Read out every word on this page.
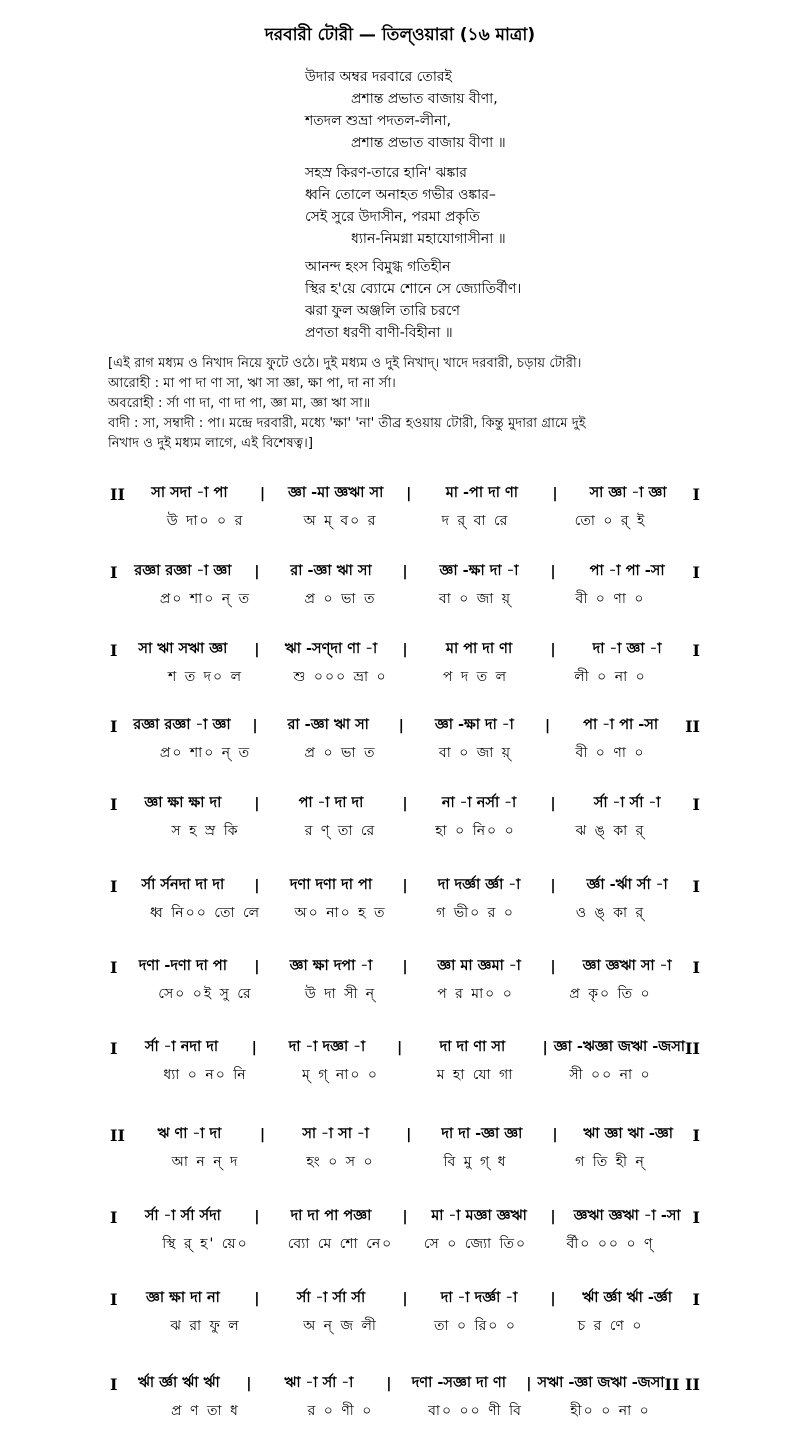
দরবারী টোরী — তিল্‌ওয়ারা (১৬ মাত্রা)
উদার অম্বর দরবারে তোরই
প্রশান্ত প্রভাত বাজায় বীণা,
শতদল শুভ্রা পদতল-লীনা,
প্রশান্ত প্রভাত বাজায় বীণা ॥
সহস্র কিরণ-তারে হানি' ঝঙ্কার
ধ্বনি তোলে অনাহত গভীর ওঙ্কার–
সেই সুরে উদাসীন, পরমা প্রকৃতি
ধ্যান-নিমগ্না মহাযোগাসীনা ॥
আনন্দ হংস বিমুগ্ধ গতিহীন
স্থির হ'য়ে ব্যোমে শোনে সে জ্যোতির্বীণ।
ঝরা ফুল অঞ্জলি তারি চরণে
প্রণতা ধরণী বাণী-বিহীনা ॥
[এই রাগ মধ্যম ও নিখাদ নিয়ে ফুটে ওঠে। দুই মধ্যম ও দুই নিখাদ্‌। খাদে দরবারী, চড়ায় টোরী।
আরোহী : মা পা দা ণা সা, ঋা সা জ্ঞা, ক্ষা পা, দা না র্সা।
অবরোহী : র্সা ণা দা, ণা দা পা, জ্ঞা মা, জ্ঞা ঋা সা॥
বাদী : সা, সম্বাদী : পা। মন্দ্রে দরবারী, মধ্যে 'ক্ষা' 'না' তীব্র হওয়ায় টোরী, কিন্তু মুদারা গ্রামে দুই
নিখাদ ও দুই মধ্যম লাগে, এই বিশেষত্ব।]
II	সা সদা -া পা	|	জ্ঞা -মা জ্ঞঋা সা	|	মা -পা দা ণা	|	সা জ্ঞা -া জ্ঞা	I
উ দা০ ০ র	অ ম্‌ ব০ র	দ র্‌ বা রে	তো ০ র্‌ ই
I	রজ্ঞা রজ্ঞা -া জ্ঞা	|	রা -জ্ঞা ঋা সা	|	জ্ঞা -ক্ষা দা -া	|	পা -া পা -সা	I
প্র০ শা০ ন্‌ ত	প্র ০ ভা ত	বা ০ জা য়্‌	বী ০ ণা ০
I	সা ঋা সঋা জ্ঞা	|	ঋা -সণ্দা ণা -া	|	মা পা দা ণা	|	দা -া জ্ঞা -া	I
শ ত দ০ ল	শু ০০০ ভ্রা ০	প দ ত ল	লী ০ না ০
I	রজ্ঞা রজ্ঞা -া জ্ঞা	|	রা -জ্ঞা ঋা সা	|	জ্ঞা -ক্ষা দা -া	|	পা -া পা -সা	II
প্র০ শা০ ন্‌ ত	প্র ০ ভা ত	বা ০ জা য়্‌	বী ০ ণা ০
I	জ্ঞা ক্ষা ক্ষা দা	|	পা -া দা দা	|	না -া নর্সা -া	|	র্সা -া র্সা -া	I
স হ স্র কি	র ণ্‌ তা রে	হা ০ নি০ ০	ঝ ঙ্‌ কা র্‌
I	র্সা র্সনদা দা দা	|	দণা দণা দা পা	|	দা দর্জ্ঞা র্জ্ঞা -া	|	র্জ্ঞা -র্ঋা র্সা -া	I
ধ্ব নি০০ তো লে	অ০ না০ হ ত	গ ভী০ র ০	ও ঙ্‌ কা র্‌
I	দণা -দণা দা পা	|	জ্ঞা ক্ষা দপা -া	|	জ্ঞা মা জ্ঞমা -া	|	জ্ঞা জ্ঞঋা সা -া	I
সে০ ০ই সু রে	উ দা সী ন্‌	প র মা০ ০	প্র কৃ০ তি ০
I	র্সা -া নদা দা	|	দা -া দজ্ঞা -া	|	দা দা ণা সা	| জ্ঞা -ঋজ্ঞা জঋা -জসা II
ধ্যা ০ ন০ নি	ম্‌ গ্‌ না০ ০	ম হা যো গা	সী ০০ না ০
II	ঋ ণা -া দা	|	সা -া সা -া	|	দা দা -জ্ঞা জ্ঞা	|	ঋা জ্ঞা ঋা -জ্ঞা	I
আ ন ন্‌ দ	হং ০ স ০	বি মু গ্‌ ধ	গ তি হী ন্‌
I	র্সা -া র্সা র্সদা	|	দা দা পা পজ্ঞা	|	মা -া মজ্ঞা জ্ঞঋা	|	জ্ঞঋা জ্ঞঋা -া -সা I
স্থি র্‌ হ' য়ে০	ব্যো মে শো নে০	সে ০ জ্যো তি০	র্বী০ ০০ ০ ণ্‌
I	জ্ঞা ক্ষা দা না	|	র্সা -া র্সা র্সা	|	দা -া দর্জ্ঞা -া	|	র্ঋা র্জ্ঞা র্ঋা -র্জ্ঞা	I
ঝ রা ফু ল	অ ন্‌ জ লী	তা ০ রি০ ০	চ র ণে ০
I	র্ঋা র্জ্ঞা র্ঋা র্ঋা	|	ঋা -া র্সা -া	|	দণা -সজ্ঞা দা ণা	| সঋা -জ্ঞা জঋা -জসা II II
প্র ণ তা ধ	র ০ ণী ০	বা০ ০০ ণী বি	হী০ ০ না ০
